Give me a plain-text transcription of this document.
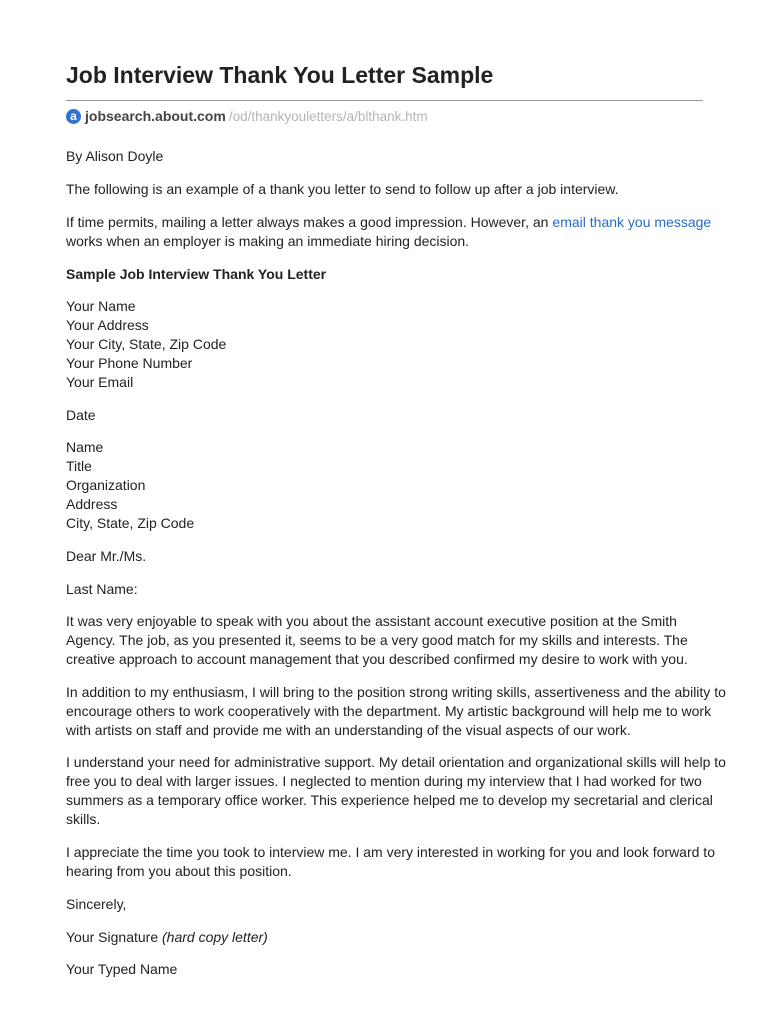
Job Interview Thank You Letter Sample
a jobsearch.about.com /od/thankyouletters/a/blthank.htm

By Alison Doyle

The following is an example of a thank you letter to send to follow up after a job interview.

If time permits, mailing a letter always makes a good impression. However, an email thank you message
works when an employer is making an immediate hiring decision.

Sample Job Interview Thank You Letter

Your Name
Your Address
Your City, State, Zip Code
Your Phone Number
Your Email

Date

Name
Title
Organization
Address
City, State, Zip Code

Dear Mr./Ms.

Last Name:

It was very enjoyable to speak with you about the assistant account executive position at the Smith
Agency. The job, as you presented it, seems to be a very good match for my skills and interests. The
creative approach to account management that you described confirmed my desire to work with you.

In addition to my enthusiasm, I will bring to the position strong writing skills, assertiveness and the ability to
encourage others to work cooperatively with the department. My artistic background will help me to work
with artists on staff and provide me with an understanding of the visual aspects of our work.

I understand your need for administrative support. My detail orientation and organizational skills will help to
free you to deal with larger issues. I neglected to mention during my interview that I had worked for two
summers as a temporary office worker. This experience helped me to develop my secretarial and clerical
skills.

I appreciate the time you took to interview me. I am very interested in working for you and look forward to
hearing from you about this position.

Sincerely,

Your Signature (hard copy letter)

Your Typed Name
